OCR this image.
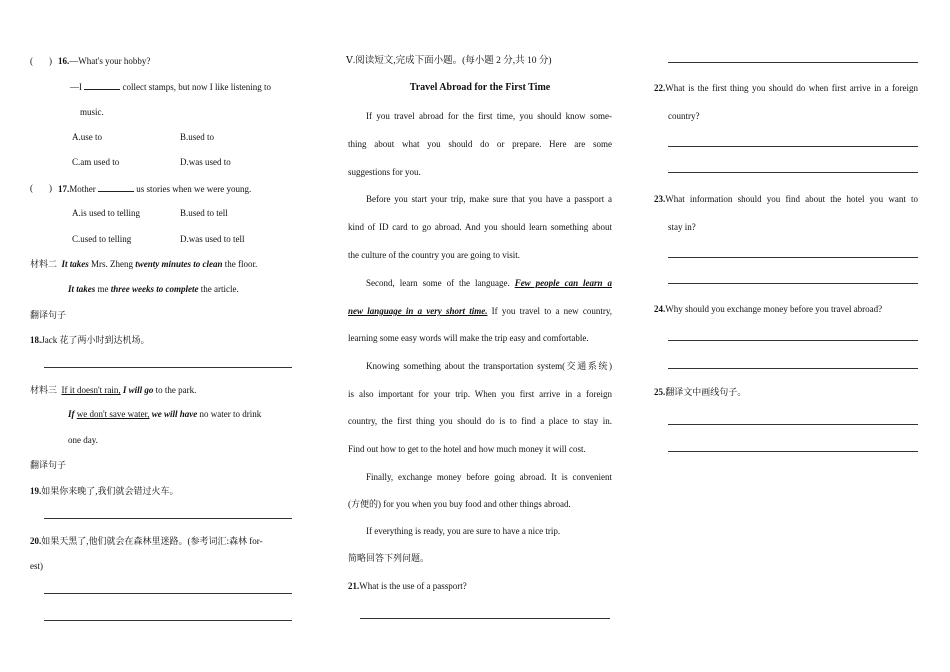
( ) 16.—What's your hobby?
—I	collect stamps, but now I like listening to
music.
A.use to	B.used to
C.am used to	D.was used to
( ) 17.Mother	us stories when we were young.
A.is used to telling	B.used to tell
C.used to telling	D.was used to tell
材料二 It takes Mrs. Zheng twenty minutes to clean the floor.
It takes me three weeks to complete the article.
翻译句子
18.Jack 花了两小时到达机场。
材料三 If it doesn't rain, I will go to the park.
If we don't save water, we will have no water to drink
one day.
翻译句子
19.如果你来晚了,我们就会错过火车。
20.如果天黑了,他们就会在森林里迷路。(参考词汇:森林 for-
est)
Ⅴ.阅读短文,完成下面小题。(每小题 2 分,共 10 分)
Travel Abroad for the First Time
If you travel abroad for the first time, you should know some-
thing about what you should do or prepare. Here are some
suggestions for you.
Before you start your trip, make sure that you have a passport a
kind of ID card to go abroad. And you should learn something about
the culture of the country you are going to visit.
Second, learn some of the language. Few people can learn a
new language in a very short time. If you travel to a new country,
learning some easy words will make the trip easy and comfortable.
Knowing something about the transportation system(交通系统)
is also important for your trip. When you first arrive in a foreign
country, the first thing you should do is to find a place to stay in.
Find out how to get to the hotel and how much money it will cost.
Finally, exchange money before going abroad. It is convenient
(方便的) for you when you buy food and other things abroad.
If everything is ready, you are sure to have a nice trip.
简略回答下列问题。
21.What is the use of a passport?
22.What is the first thing you should do when first arrive in a foreign
country?
23.What information should you find about the hotel you want to
stay in?
24.Why should you exchange money before you travel abroad?
25.翻译文中画线句子。
